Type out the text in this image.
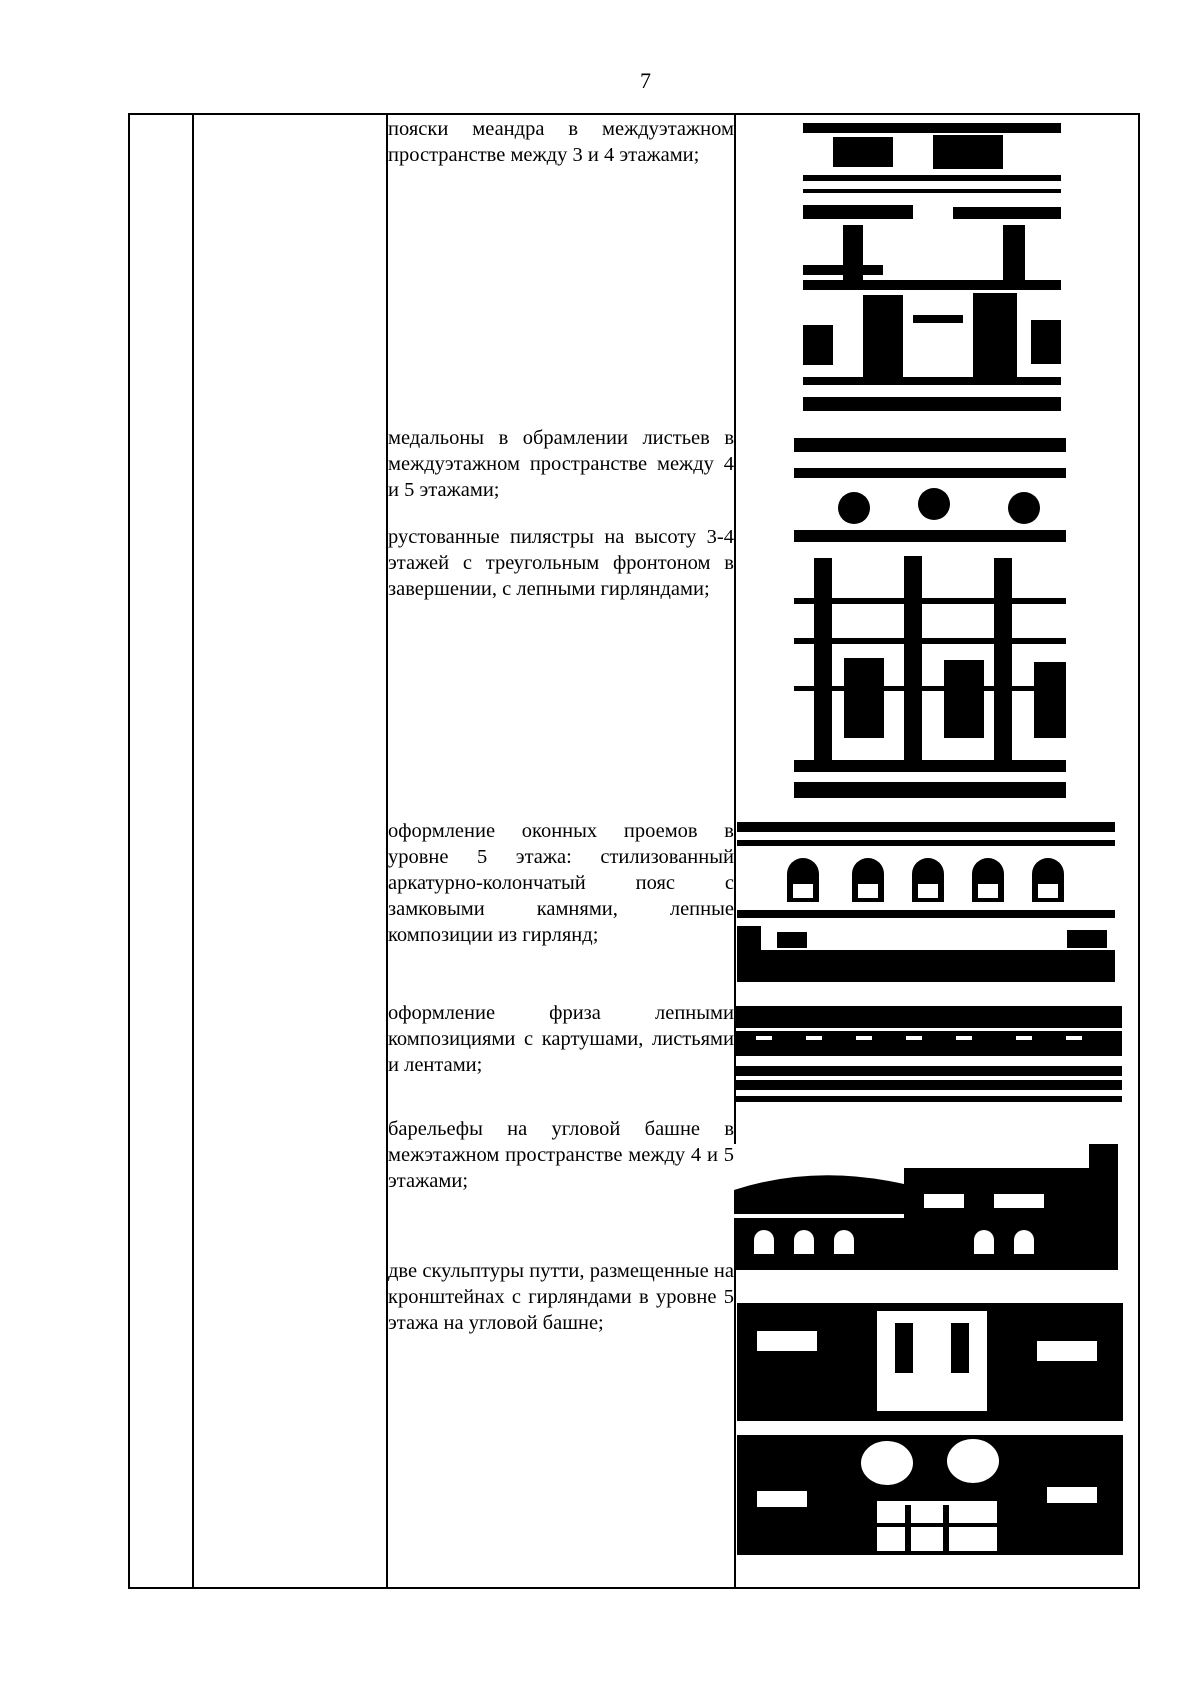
7
пояски меандра в междуэтажном пространстве между 3 и 4 этажами;
медальоны в обрамлении листьев в междуэтажном пространстве между 4 и 5 этажами;
рустованные пилястры на высоту 3-4 этажей с треугольным фронтоном в завершении, с лепными гирляндами;
оформление оконных проемов в уровне 5 этажа: стилизованный аркатурно-колончатый пояс с замковыми камнями, лепные композиции из гирлянд;
оформление фриза лепными композициями с картушами, листьями и лентами;
барельефы на угловой башне в межэтажном пространстве между 4 и 5 этажами;
две скульптуры путти, размещенные на кронштейнах с гирляндами в уровне 5 этажа на угловой башне;
